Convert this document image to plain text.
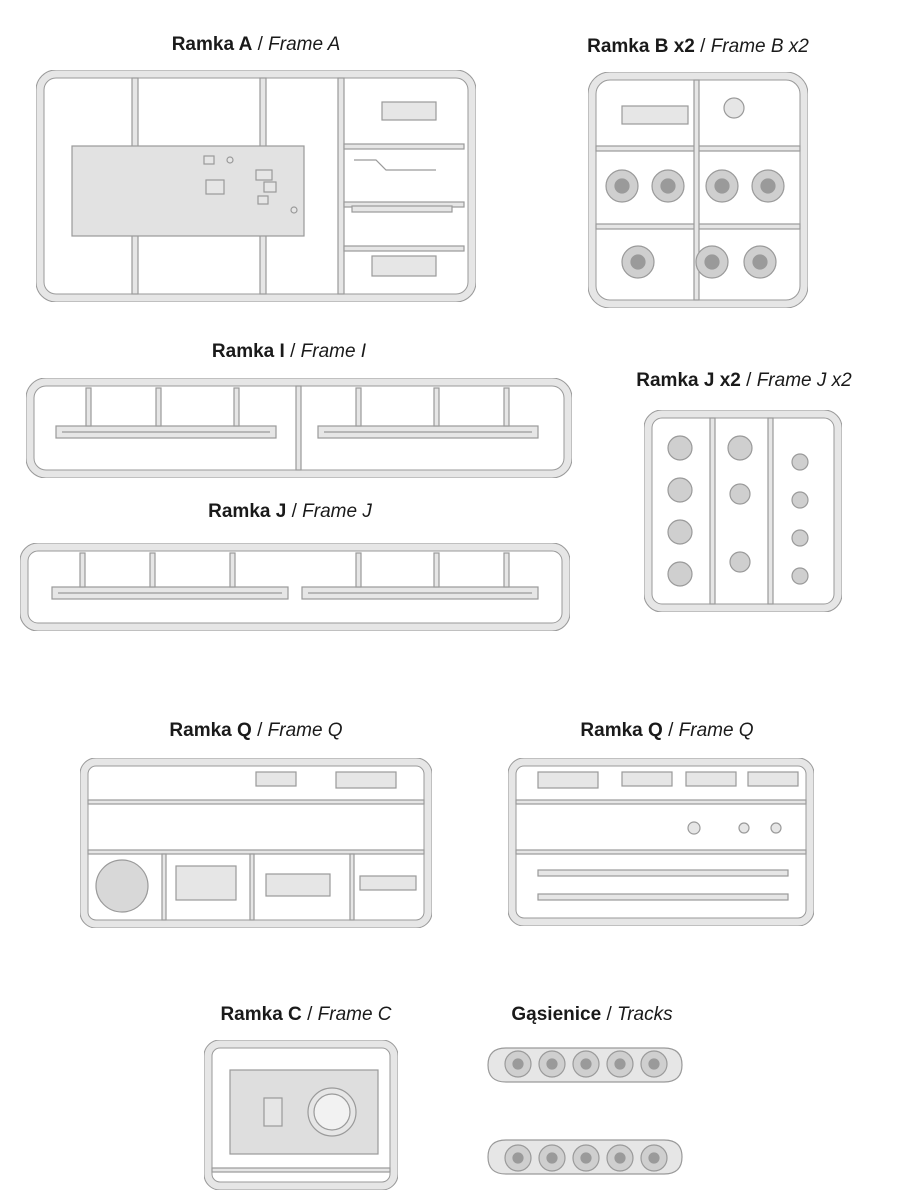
Ramka A / Frame A	Ramka B x2 / Frame B x2
Ramka I / Frame I
Ramka J x2 / Frame J x2
Ramka J / Frame J
Ramka Q / Frame Q	Ramka Q / Frame Q
Ramka C / Frame C	Gąsienice / Tracks
